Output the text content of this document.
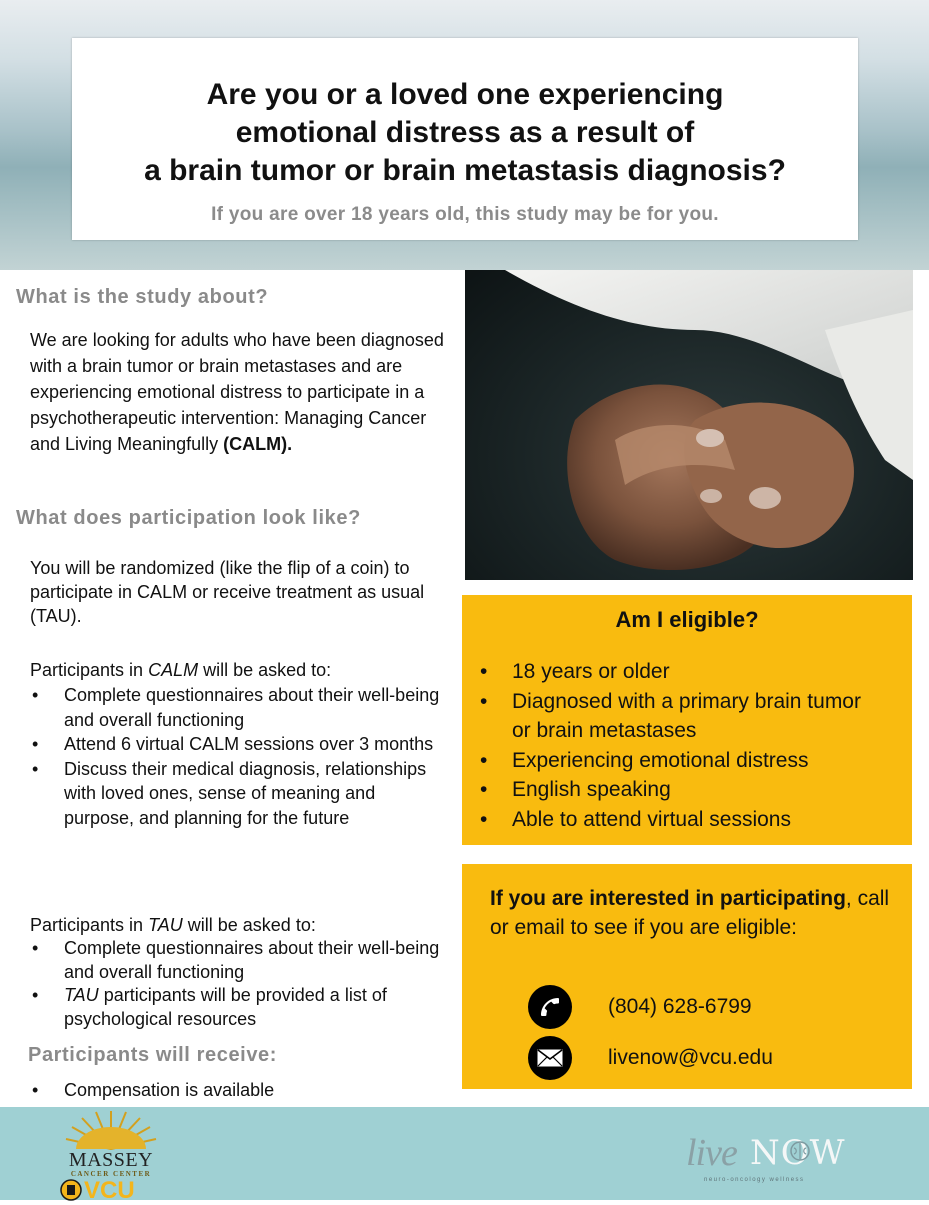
Are you or a loved one experiencing
emotional distress as a result of
a brain tumor or brain metastasis diagnosis?
If you are over 18 years old, this study may be for you.
What is the study about?
We are looking for adults who have been diagnosed with a brain tumor or brain metastases and are experiencing emotional distress to participate in a psychotherapeutic intervention: Managing Cancer and Living Meaningfully (CALM).
What does participation look like?
You will be randomized (like the flip of a coin) to participate in CALM or receive treatment as usual (TAU).
Participants in CALM will be asked to:
• Complete questionnaires about their well-being and overall functioning
• Attend 6 virtual CALM sessions over 3 months
• Discuss their medical diagnosis, relationships with loved ones, sense of meaning and purpose, and planning for the future
Participants in TAU will be asked to:
• Complete questionnaires about their well-being and overall functioning
• TAU participants will be provided a list of psychological resources
Participants will receive:
• Compensation is available
Am I eligible?
• 18 years or older
• Diagnosed with a primary brain tumor or brain metastases
• Experiencing emotional distress
• English speaking
• Able to attend virtual sessions
If you are interested in participating, call or email to see if you are eligible:
(804) 628-6799
livenow@vcu.edu
MASSEY
CANCER CENTER
VCU
live NOW
neuro-oncology wellness
